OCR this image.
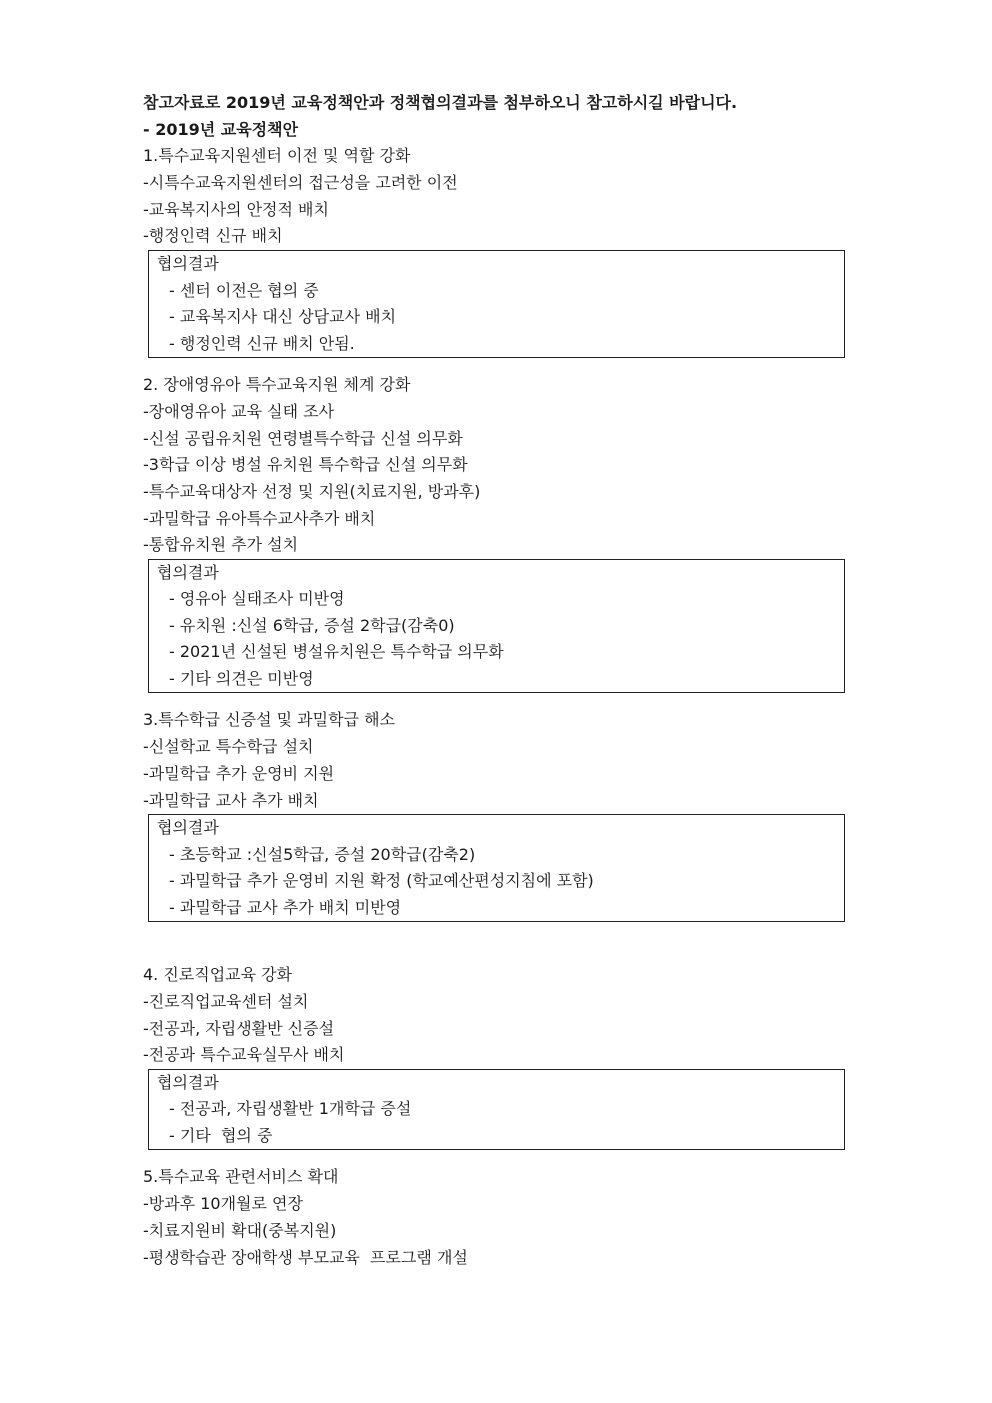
참고자료로 2019년 교육정책안과 정책협의결과를 첨부하오니 참고하시길 바랍니다.
- 2019년 교육정책안
1.특수교육지원센터 이전 및 역할 강화
-시특수교육지원센터의 접근성을 고려한 이전
-교육복지사의 안정적 배치
-행정인력 신규 배치
협의결과
- 센터 이전은 협의 중
- 교육복지사 대신 상담교사 배치
- 행정인력 신규 배치 안됨.
2. 장애영유아 특수교육지원 체계 강화
-장애영유아 교육 실태 조사
-신설 공립유치원 연령별특수학급 신설 의무화
-3학급 이상 병설 유치원 특수학급 신설 의무화
-특수교육대상자 선정 및 지원(치료지원, 방과후)
-과밀학급 유아특수교사추가 배치
-통합유치원 추가 설치
협의결과
- 영유아 실태조사 미반영
- 유치원 :신설 6학급, 증설 2학급(감축0)
- 2021년 신설된 병설유치원은 특수학급 의무화
- 기타 의견은 미반영
3.특수학급 신증설 및 과밀학급 해소
-신설학교 특수학급 설치
-과밀학급 추가 운영비 지원
-과밀학급 교사 추가 배치
협의결과
- 초등학교 :신설5학급, 증설 20학급(감축2)
- 과밀학급 추가 운영비 지원 확정 (학교예산편성지침에 포함)
- 과밀학급 교사 추가 배치 미반영
4. 진로직업교육 강화
-진로직업교육센터 설치
-전공과, 자립생활반 신증설
-전공과 특수교육실무사 배치
협의결과
- 전공과, 자립생활반 1개학급 증설
- 기타  협의 중
5.특수교육 관련서비스 확대
-방과후 10개월로 연장
-치료지원비 확대(중복지원)
-평생학습관 장애학생 부모교육  프로그램 개설
